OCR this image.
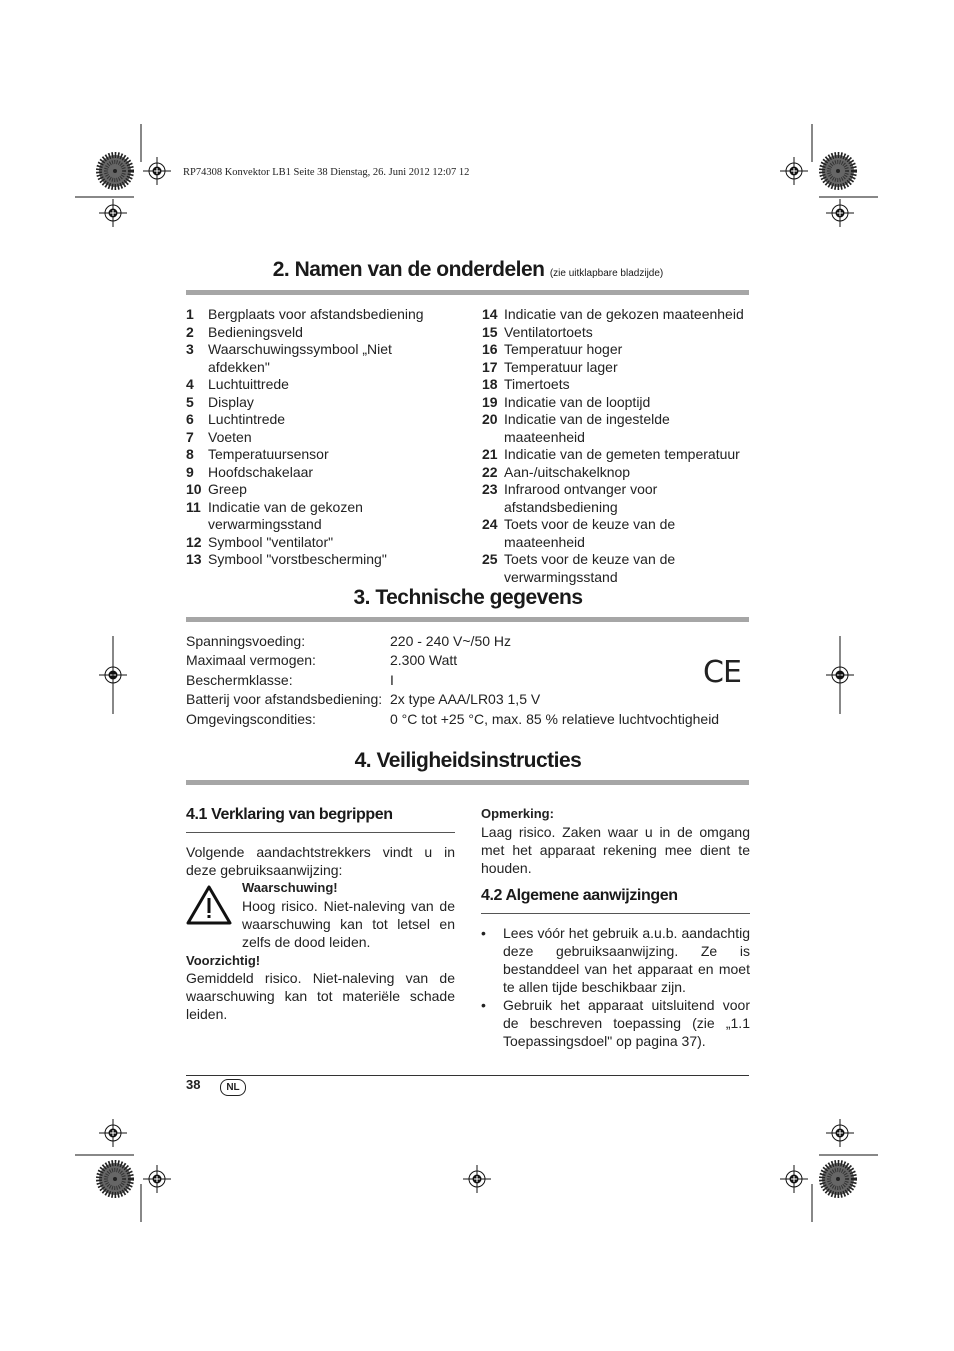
RP74308 Konvektor LB1 Seite 38 Dienstag, 26. Juni 2012 12:07 12
2. Namen van de onderdelen (zie uitklapbare bladzijde)
1	Bergplaats voor afstandsbediening
2	Bedieningsveld
3	Waarschuwingssymbool „Niet afdekken"
4	Luchtuittrede
5	Display
6	Luchtintrede
7	Voeten
8	Temperatuursensor
9	Hoofdschakelaar
10 Greep
11 Indicatie van de gekozen verwarmingsstand
12 Symbool "ventilator"
13 Symbool "vorstbescherming"
14 Indicatie van de gekozen maateenheid
15 Ventilatortoets
16 Temperatuur hoger
17 Temperatuur lager
18 Timertoets
19 Indicatie van de looptijd
20 Indicatie van de ingestelde maateenheid
21 Indicatie van de gemeten temperatuur
22 Aan-/uitschakelknop
23 Infrarood ontvanger voor afstandsbediening
24 Toets voor de keuze van de maateenheid
25 Toets voor de keuze van de verwarmingsstand
3. Technische gegevens
Spanningsvoeding:	220 - 240 V~/50 Hz
Maximaal vermogen:	2.300 Watt
Beschermklasse:	I
Batterij voor afstandsbediening: 2x type AAA/LR03 1,5 V
Omgevingscondities:	0 °C tot +25 °C, max. 85 % relatieve luchtvochtigheid
CE
4. Veiligheidsinstructies
4.1 Verklaring van begrippen
Volgende aandachtstrekkers vindt u in deze gebruiksaanwijzing:
Waarschuwing!
Hoog risico. Niet-naleving van de waarschuwing kan tot letsel en zelfs de dood leiden.
Voorzichtig!
Gemiddeld risico. Niet-naleving van de waarschuwing kan tot materiële schade leiden.
Opmerking:
Laag risico. Zaken waar u in de omgang met het apparaat rekening mee dient te houden.
4.2 Algemene aanwijzingen
•	Lees vóór het gebruik a.u.b. aandachtig deze gebruiksaanwijzing. Ze is bestanddeel van het apparaat en moet te allen tijde beschikbaar zijn.
•	Gebruik het apparaat uitsluitend voor de beschreven toepassing (zie „1.1 Toepassingsdoel" op pagina 37).
38	NL
